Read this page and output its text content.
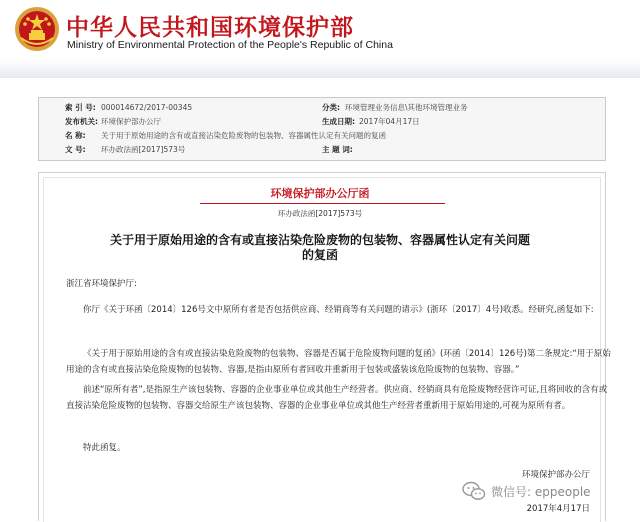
中华人民共和国环境保护部
Ministry of Environmental Protection of the People's Republic of China
索 引 号: 000014672/2017-00345	分类: 环境管理业务信息\其他环境管理业务
发布机关: 环境保护部办公厅	生成日期: 2017年04月17日
名 称: 关于用于原始用途的含有或直接沾染危险废物的包装物、容器属性认定有关问题的复函
文 号: 环办政法函[2017]573号	主 题 词:
环境保护部办公厅函
环办政法函[2017]573号
关于用于原始用途的含有或直接沾染危险废物的包装物、容器属性认定有关问题
的复函
浙江省环境保护厅:
你厅《关于环函〔2014〕126号文中原所有者是否包括供应商、经销商等有关问题的请示》(浙环〔2017〕4号)收悉。经研究,函复如下:
《关于用于原始用途的含有或直接沾染危险废物的包装物、容器是否属于危险废物问题的复函》(环函〔2014〕126号)第二条规定:“用于原始用途的含有或直接沾染危险废物的包装物、容器,是指由原所有者回收并重新用于包装或盛装该危险废物的包装物、容器。”
前述“原所有者”,是指原生产该包装物、容器的企业事业单位或其他生产经营者。供应商、经销商具有危险废物经营许可证,且将回收的含有或直接沾染危险废物的包装物、容器交给原生产该包装物、容器的企业事业单位或其他生产经营者重新用于原始用途的,可视为原所有者。
特此函复。
环境保护部办公厅
2017年4月17日
微信号: eppeople
